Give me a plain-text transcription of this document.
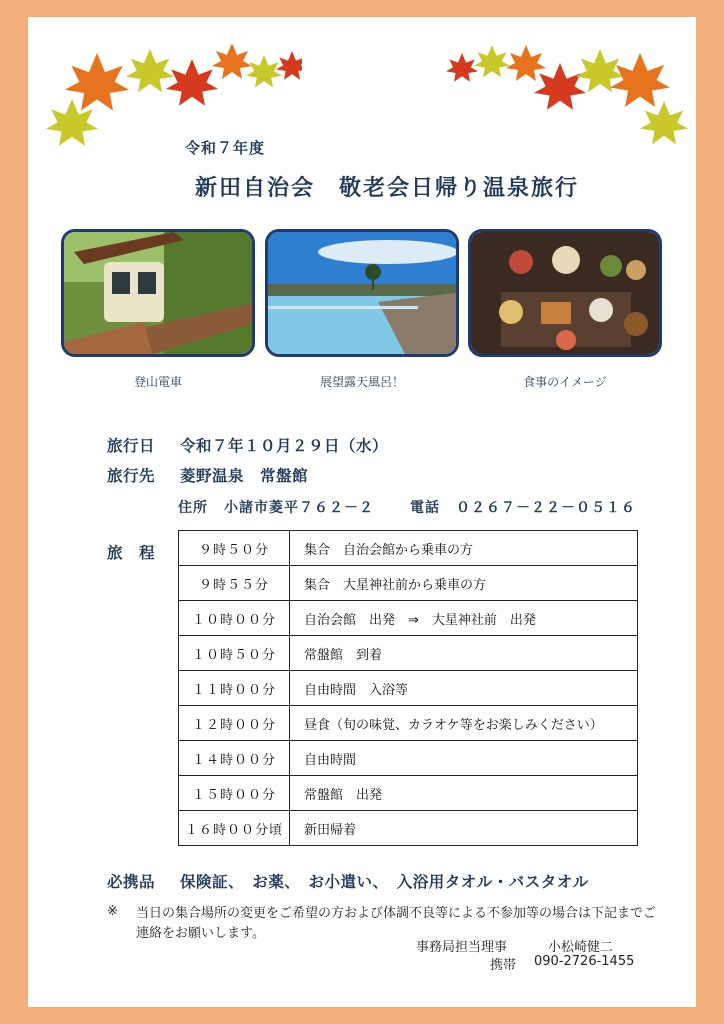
令和７年度
新田自治会　敬老会日帰り温泉旅行
登山電車	展望露天風呂！	食事のイメージ
旅行日 令和７年１０月２９日（水）
旅行先 菱野温泉　常盤館
住所 小諸市菱平７６２－２	電話 ０２６７－２２－０５１６
旅　程	９時５０分	集合　自治会館から乗車の方
９時５５分	集合　大星神社前から乗車の方
１０時００分	自治会館　出発　⇒　大星神社前　出発
１０時５０分	常盤館　到着
１１時００分	自由時間　入浴等
１２時００分	昼食（旬の味覚、カラオケ等をお楽しみください）
１４時００分	自由時間
１５時００分	常盤館　出発
１６時００分頃	新田帰着
必携品 保険証、　お薬、　お小遣い、　入浴用タオル・バスタオル
※ 当日の集合場所の変更をご希望の方および体調不良等による不参加等の場合は下記までご連絡をお願いします。
事務局担当理事	小松崎健二
携帯 090-2726-1455
